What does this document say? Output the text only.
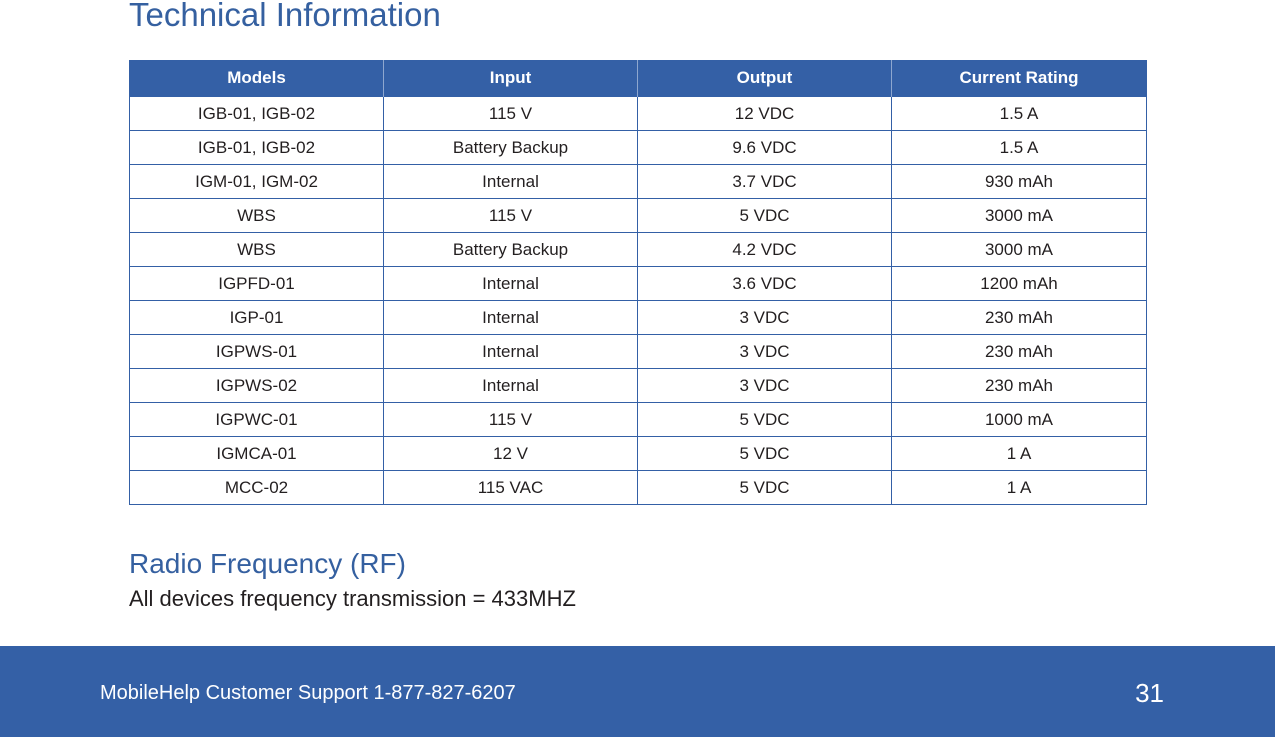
Technical Information
Models	Input	Output	Current Rating
IGB-01, IGB-02	115 V	12 VDC	1.5 A
IGB-01, IGB-02	Battery Backup	9.6 VDC	1.5 A
IGM-01, IGM-02	Internal	3.7 VDC	930 mAh
WBS	115 V	5 VDC	3000 mA
WBS	Battery Backup	4.2 VDC	3000 mA
IGPFD-01	Internal	3.6 VDC	1200 mAh
IGP-01	Internal	3 VDC	230 mAh
IGPWS-01	Internal	3 VDC	230 mAh
IGPWS-02	Internal	3 VDC	230 mAh
IGPWC-01	115 V	5 VDC	1000 mA
IGMCA-01	12 V	5 VDC	1 A
MCC-02	115 VAC	5 VDC	1 A
Radio Frequency (RF)
All devices frequency transmission = 433MHZ
MobileHelp Customer Support 1-877-827-6207	31
